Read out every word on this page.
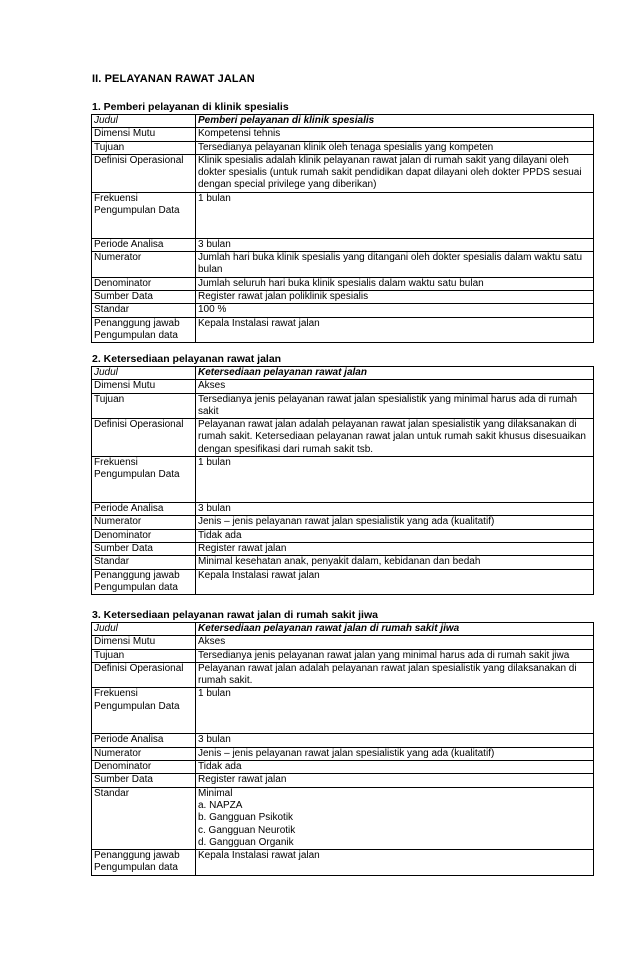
II. PELAYANAN RAWAT JALAN
1. Pemberi pelayanan di klinik spesialis
Judul	Pemberi pelayanan di klinik spesialis
Dimensi Mutu	Kompetensi tehnis
Tujuan	Tersedianya pelayanan klinik oleh tenaga spesialis yang kompeten
Definisi Operasional	Klinik spesialis adalah klinik pelayanan rawat jalan di rumah sakit yang dilayani oleh dokter spesialis (untuk rumah sakit pendidikan dapat dilayani oleh dokter PPDS sesuai dengan special privilege yang diberikan)
Frekuensi Pengumpulan Data	1 bulan
Periode Analisa	3 bulan
Numerator	Jumlah hari buka klinik spesialis yang ditangani oleh dokter spesialis dalam waktu satu bulan
Denominator	Jumlah seluruh hari buka klinik spesialis dalam waktu satu bulan
Sumber Data	Register rawat jalan poliklinik spesialis
Standar	100 %
Penanggung jawab Pengumpulan data	Kepala Instalasi rawat jalan
2. Ketersediaan pelayanan rawat jalan
Judul	Ketersediaan pelayanan rawat jalan
Dimensi Mutu	Akses
Tujuan	Tersedianya jenis pelayanan rawat jalan spesialistik yang minimal harus ada di rumah sakit
Definisi Operasional	Pelayanan rawat jalan adalah pelayanan rawat jalan spesialistik yang dilaksanakan di rumah sakit. Ketersediaan pelayanan rawat jalan untuk rumah sakit khusus disesuaikan dengan spesifikasi dari rumah sakit tsb.
Frekuensi Pengumpulan Data	1 bulan
Periode Analisa	3 bulan
Numerator	Jenis – jenis pelayanan rawat jalan spesialistik yang ada (kualitatif)
Denominator	Tidak ada
Sumber Data	Register rawat jalan
Standar	Minimal kesehatan anak, penyakit dalam, kebidanan dan bedah
Penanggung jawab Pengumpulan data	Kepala Instalasi rawat jalan
3. Ketersediaan pelayanan rawat jalan di rumah sakit jiwa
Judul	Ketersediaan pelayanan rawat jalan di rumah sakit jiwa
Dimensi Mutu	Akses
Tujuan	Tersedianya jenis pelayanan rawat jalan yang minimal harus ada di rumah sakit jiwa
Definisi Operasional	Pelayanan rawat jalan adalah pelayanan rawat jalan spesialistik yang dilaksanakan di rumah sakit.
Frekuensi Pengumpulan Data	1 bulan
Periode Analisa	3 bulan
Numerator	Jenis – jenis pelayanan rawat jalan spesialistik yang ada (kualitatif)
Denominator	Tidak ada
Sumber Data	Register rawat jalan
Standar	Minimal
a. NAPZA
b. Gangguan Psikotik
c. Gangguan Neurotik
d. Gangguan Organik

Penanggung jawab Pengumpulan data	Kepala Instalasi rawat jalan
